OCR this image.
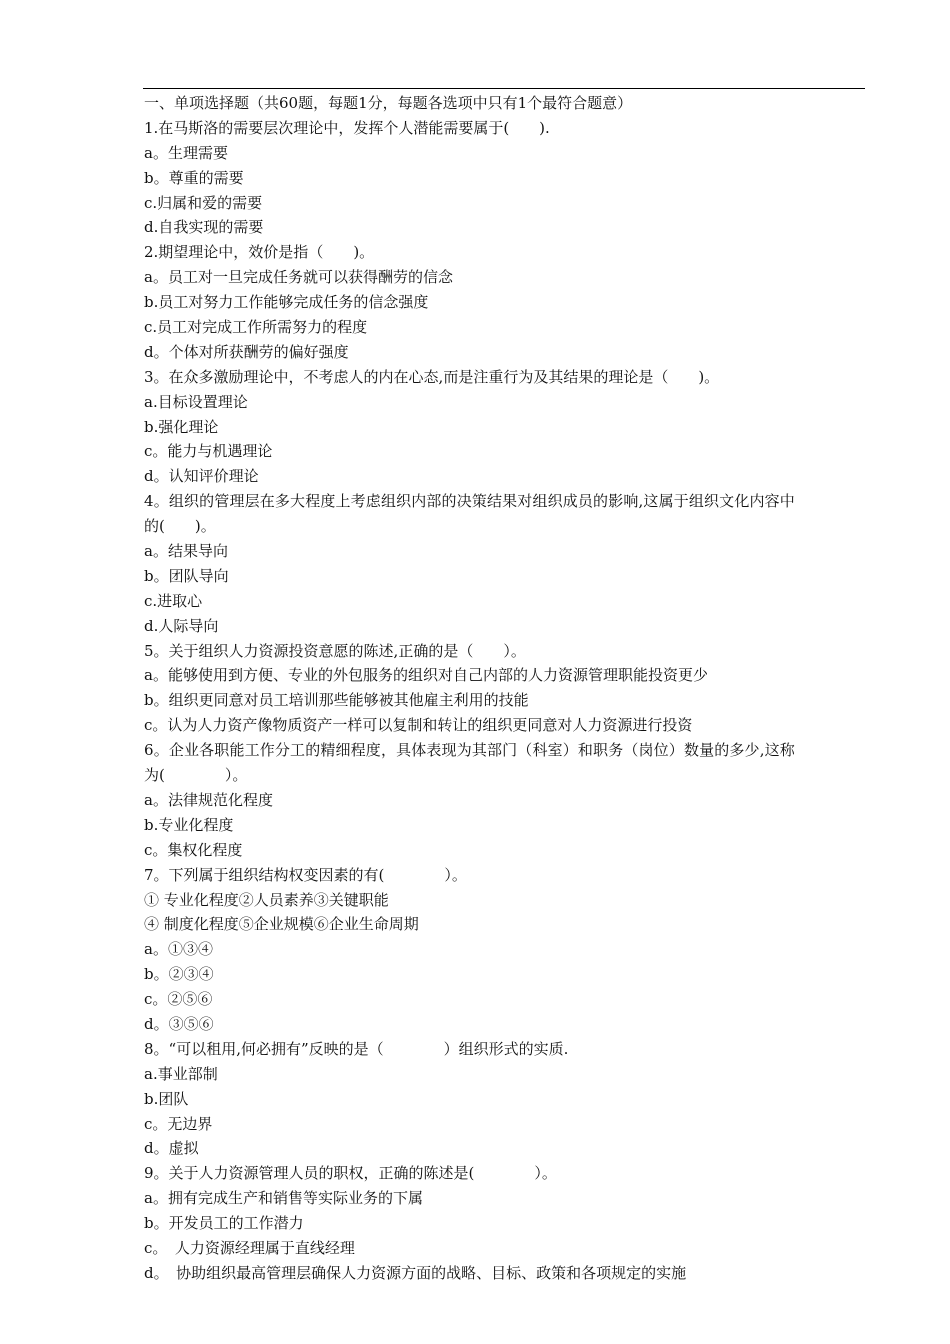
一、单项选择题（共60题，每题1分，每题各选项中只有1个最符合题意）
1.在马斯洛的需要层次理论中，发挥个人潜能需要属于(　　).
a。生理需要
b。尊重的需要
c.归属和爱的需要
d.自我实现的需要
2.期望理论中，效价是指（　　)。
a。员工对一旦完成任务就可以获得酬劳的信念
b.员工对努力工作能够完成任务的信念强度
c.员工对完成工作所需努力的程度
d。个体对所获酬劳的偏好强度
3。在众多激励理论中，不考虑人的内在心态,而是注重行为及其结果的理论是（　　)。
a.目标设置理论
b.强化理论
c。能力与机遇理论
d。认知评价理论
4。组织的管理层在多大程度上考虑组织内部的决策结果对组织成员的影响,这属于组织文化内容中
的(　　)。
a。结果导向
b。团队导向
c.进取心
d.人际导向
5。关于组织人力资源投资意愿的陈述,正确的是（　　）。
a。能够使用到方便、专业的外包服务的组织对自己内部的人力资源管理职能投资更少
b。组织更同意对员工培训那些能够被其他雇主利用的技能
c。认为人力资产像物质资产一样可以复制和转让的组织更同意对人力资源进行投资
6。企业各职能工作分工的精细程度，具体表现为其部门（科室）和职务（岗位）数量的多少,这称
为(　　　　）。
a。法律规范化程度
b.专业化程度
c。集权化程度
7。下列属于组织结构权变因素的有(　　　　）。
① 专业化程度②人员素养③关键职能
④ 制度化程度⑤企业规模⑥企业生命周期
a。①③④
b。②③④
c。②⑤⑥
d。③⑤⑥
8。“可以租用,何必拥有”反映的是（　　　　）组织形式的实质.
a.事业部制
b.团队
c。无边界
d。虚拟
9。关于人力资源管理人员的职权，正确的陈述是(　　　　）。
a。拥有完成生产和销售等实际业务的下属
b。开发员工的工作潜力
c。　人力资源经理属于直线经理
d。　协助组织最高管理层确保人力资源方面的战略、目标、政策和各项规定的实施
